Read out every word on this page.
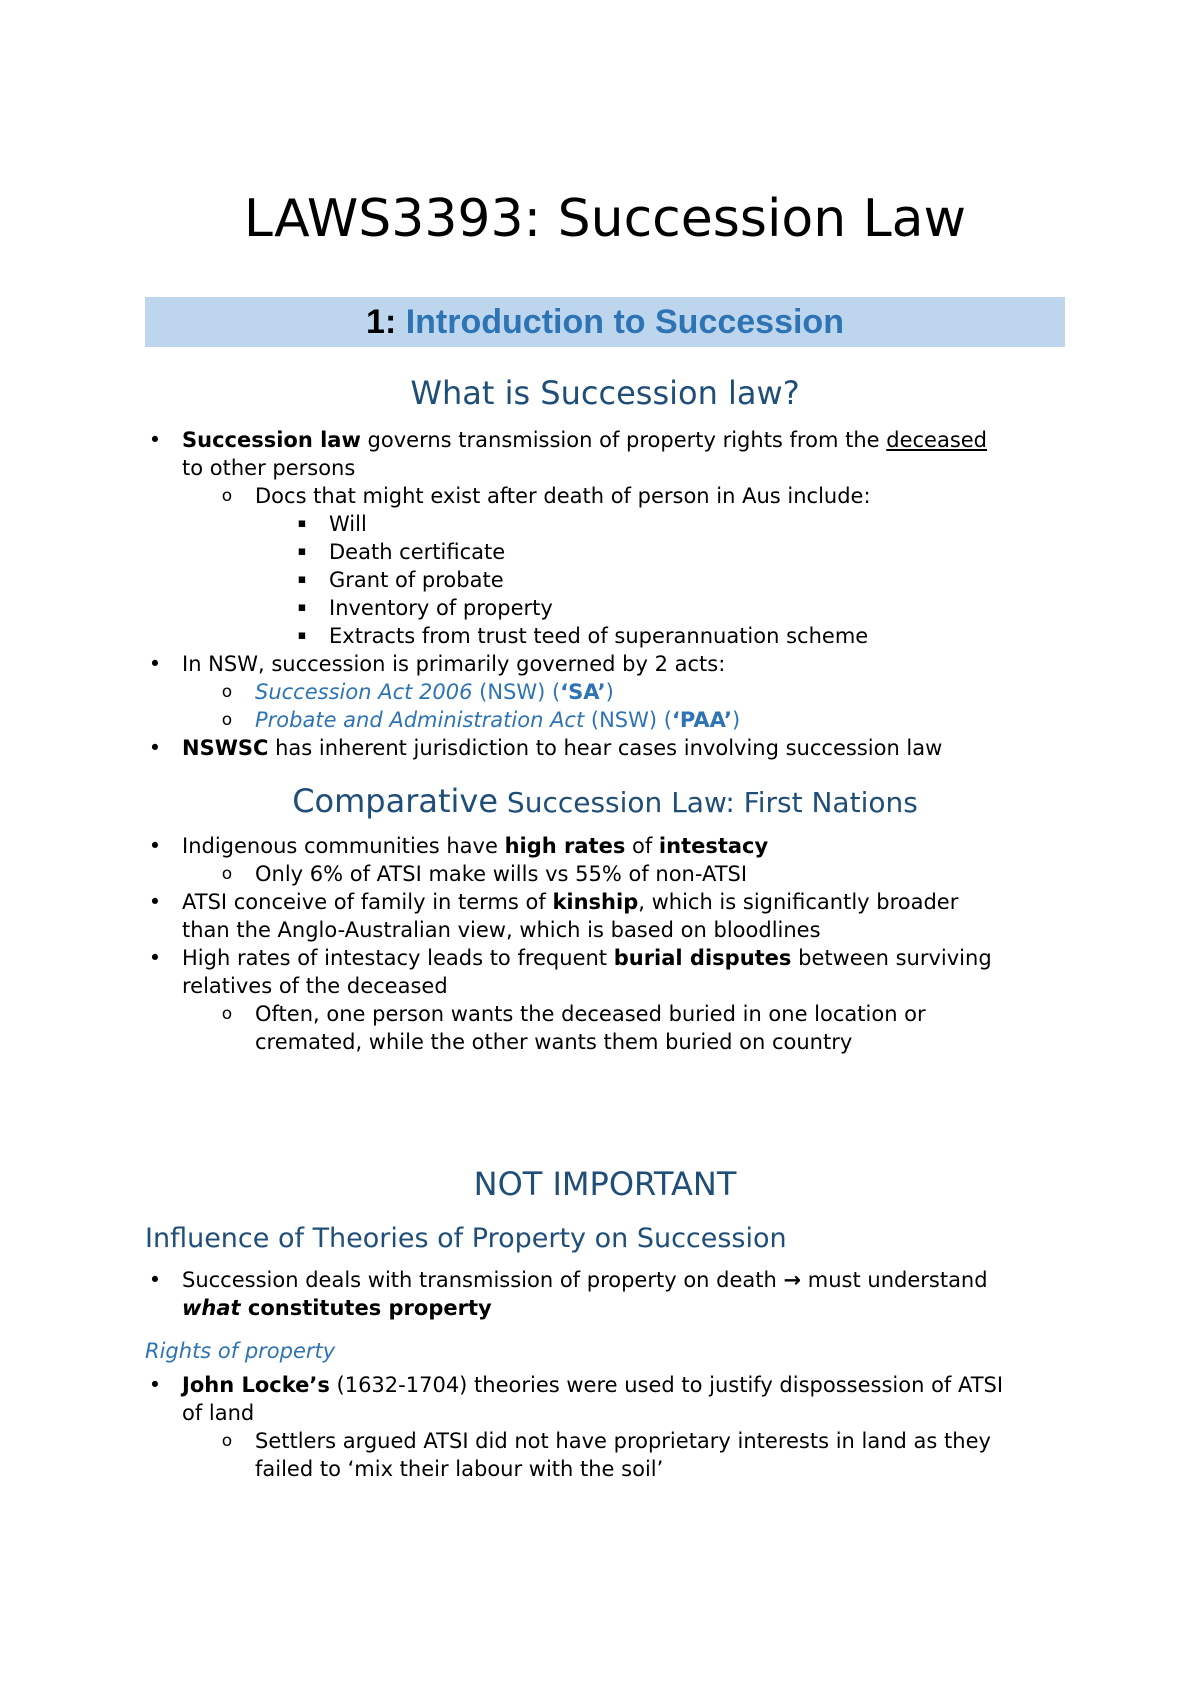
LAWS3393: Succession Law
1: Introduction to Succession
What is Succession law?
• Succession law governs transmission of property rights from the deceased
to other persons
o Docs that might exist after death of person in Aus include:
▪ Will
▪ Death certificate
▪ Grant of probate
▪ Inventory of property
▪ Extracts from trust teed of superannuation scheme
• In NSW, succession is primarily governed by 2 acts:
o Succession Act 2006 (NSW) (‘SA’)
o Probate and Administration Act (NSW) (‘PAA’)
• NSWSC has inherent jurisdiction to hear cases involving succession law
Comparative Succession Law: First Nations
• Indigenous communities have high rates of intestacy
o Only 6% of ATSI make wills vs 55% of non-ATSI
• ATSI conceive of family in terms of kinship, which is significantly broader
than the Anglo-Australian view, which is based on bloodlines
• High rates of intestacy leads to frequent burial disputes between surviving
relatives of the deceased
o Often, one person wants the deceased buried in one location or
cremated, while the other wants them buried on country
NOT IMPORTANT
Influence of Theories of Property on Succession
• Succession deals with transmission of property on death → must understand
what constitutes property
Rights of property
• John Locke’s (1632-1704) theories were used to justify dispossession of ATSI
of land
o Settlers argued ATSI did not have proprietary interests in land as they
failed to ‘mix their labour with the soil’
